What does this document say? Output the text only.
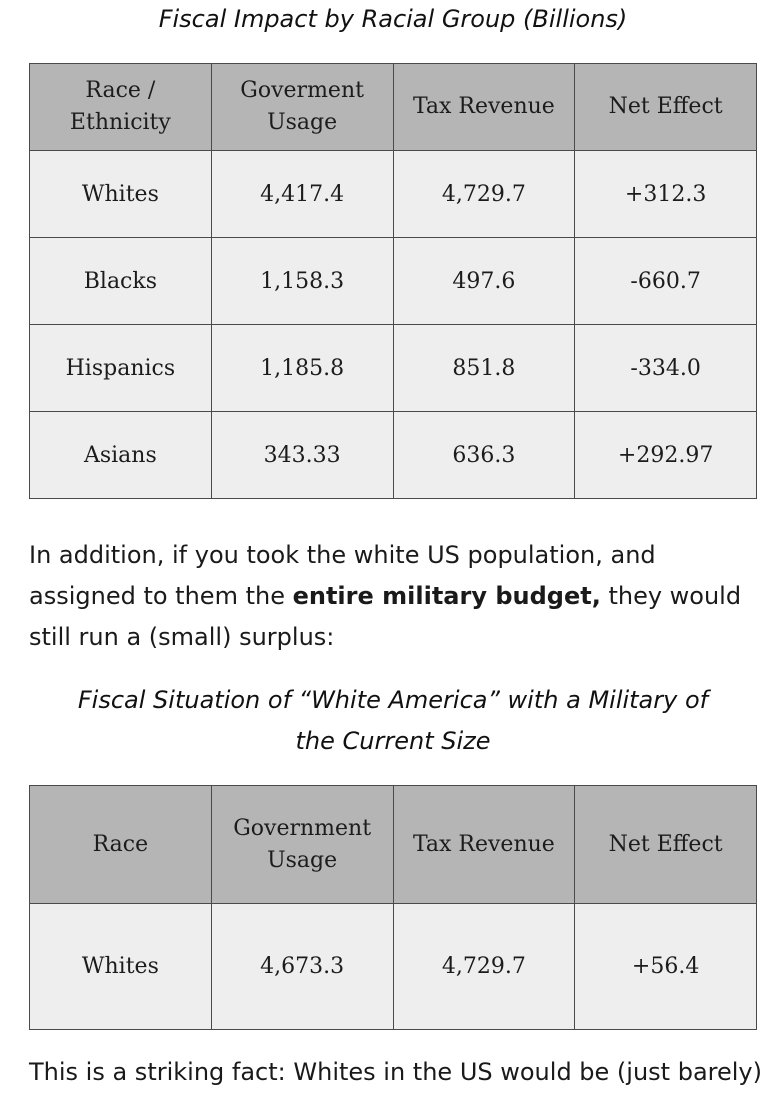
Fiscal Impact by Racial Group (Billions)
Race / Ethnicity	Goverment Usage	Tax Revenue	Net Effect
Whites	4,417.4	4,729.7	+312.3
Blacks	1,158.3	497.6	-660.7
Hispanics	1,185.8	851.8	-334.0
Asians	343.33	636.3	+292.97

In addition, if you took the white US population, and assigned to them the entire military budget, they would still run a (small) surplus:

Fiscal Situation of “White America” with a Military of the Current Size
Race	Government Usage	Tax Revenue	Net Effect
Whites	4,673.3	4,729.7	+56.4
This is a striking fact: Whites in the US would be (just barely)
